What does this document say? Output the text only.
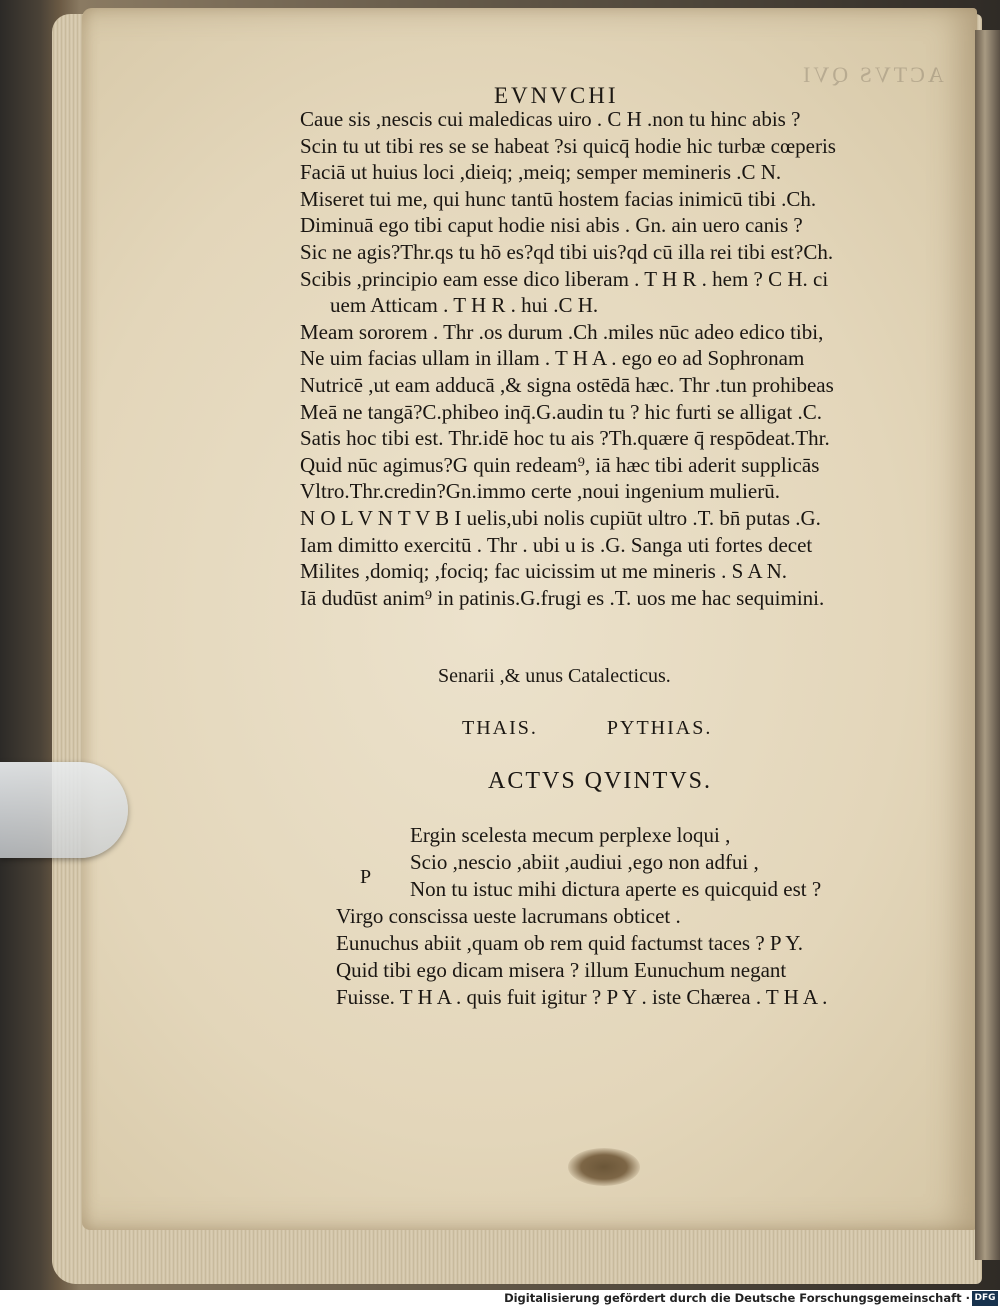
ACTVS QVI
EVNVCHI
Caue sis ,nescis cui maledicas uiro . C H .non tu hinc abis ?
Scin tu ut tibi res se se habeat ?si quicq̄ hodie hic turbæ cœperis
Faciā ut huius loci ,dieiq; ,meiq; semper memineris .C N.
Miseret tui me, qui hunc tantū hostem facias inimicū tibi .Ch.
Diminuā ego tibi caput hodie nisi abis . Gn. ain uero canis ?
Sic ne agis?Thr.qs tu hō es?qd tibi uis?qd cū illa rei tibi est?Ch.
Scibis ,principio eam esse dico liberam . T H R . hem ? C H. ci
uem Atticam . T H R . hui .C H.
Meam sororem . Thr .os durum .Ch .miles nūc adeo edico tibi,
Ne uim facias ullam in illam . T H A . ego eo ad Sophronam
Nutricē ,ut eam adducā ,& signa ostēdā hæc. Thr .tun prohibeas
Meā ne tangā?C.phibeo inq̄.G.audin tu ? hic furti se alligat .C.
Satis hoc tibi est. Thr.idē hoc tu ais ?Th.quære q̄ respōdeat.Thr.
Quid nūc agimus?G quin redeam⁹, iā hæc tibi aderit supplicās
Vltro.Thr.credin?Gn.immo certe ,noui ingenium mulierū.
N O L V N T V B I uelis,ubi nolis cupiūt ultro .T. bn̄ putas .G.
Iam dimitto exercitū . Thr . ubi u is .G. Sanga uti fortes decet
Milites ,domiq; ,fociq; fac uicissim ut me mineris . S A N.
Iā dudūst anim⁹ in patinis.G.frugi es .T. uos me hac sequimini.
Senarii ,& unus Catalecticus.
THAIS.	PYTHIAS.
ACTVS QVINTVS.
P
Ergin scelesta mecum perplexe loqui ,
Scio ,nescio ,abiit ,audiui ,ego non adfui ,
Non tu istuc mihi dictura aperte es quicquid est ?
Virgo conscissa ueste lacrumans obticet .
Eunuchus abiit ,quam ob rem quid factumst taces ? P Y.
Quid tibi ego dicam misera ? illum Eunuchum negant
Fuisse. T H A . quis fuit igitur ? P Y . iste Chærea . T H A .
Digitalisierung gefördert durch die Deutsche Forschungsgemeinschaft · DFG
